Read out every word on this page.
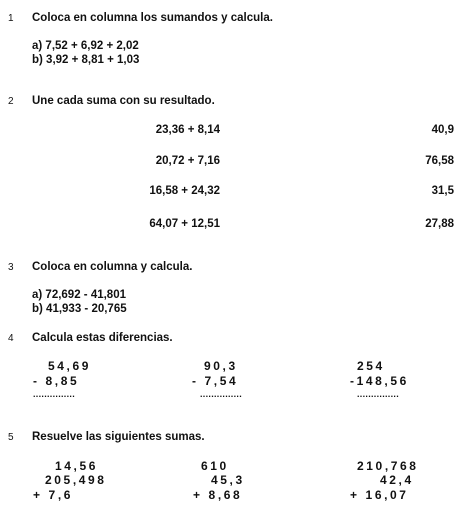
1 Coloca en columna los sumandos y calcula.
a) 7,52 + 6,92 + 2,02
b) 3,92 + 8,81 + 1,03
2 Une cada suma con su resultado.
23,36 + 8,14
20,72 + 7,16
16,58 + 24,32
64,07 + 12,51
40,9
76,58
31,5
27,88
3 Coloca en columna y calcula.
a) 72,692 - 41,801
b) 41,933 - 20,765
4 Calcula estas diferencias.
54,69
- 8,85
...............
90,3
- 7,54
...............
254
-148,56
...............
5 Resuelve las siguientes sumas.
14,56
205,498
+ 7,6
610
45,3
+ 8,68
210,768
42,4
+ 16,07
